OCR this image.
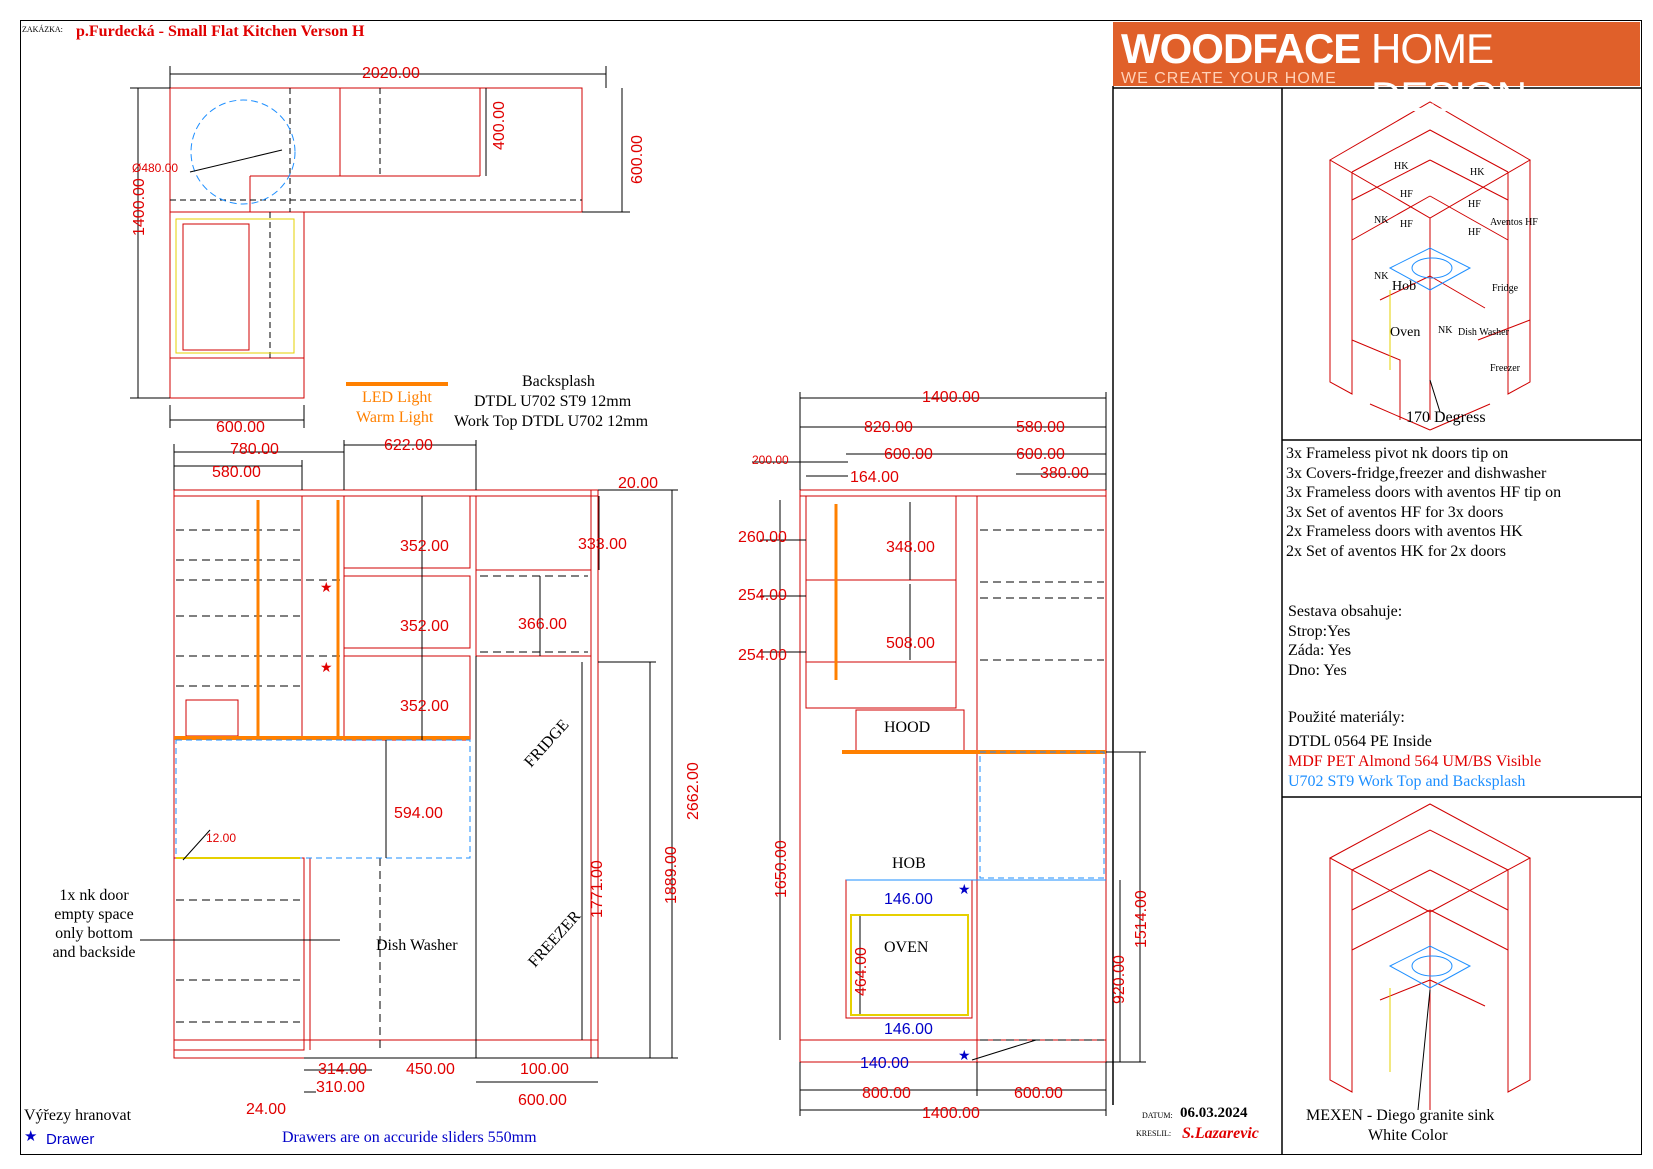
ZAKÁZKA: p.Furdecká - Small Flat Kitchen Verson H	WOODFACE HOME DESIGN
WE CREATE YOUR HOME
2020.00
1400.00
600.00
400.00
Ø480.00
600.00
LED Light
Warm Light
Backsplash
DTDL U702 ST9 12mm
Work Top DTDL U702 12mm
780.00
580.00
622.00
20.00
352.00
352.00
352.00
333.00
366.00
594.00
12.00
1771.00	1889.00
2662.00
314.00 450.00	100.00
310.00
24.00
600.00
FRIDGE
FREEZER
Dish Washer
1x nk door
empty space
only bottom
and backside
★
★
1400.00
820.00	580.00
200.00	600.00	600.00
164.00	380.00
260.00
254.00
254.00
348.00
508.00
HOOD
HOB
OVEN
146.00
146.00
140.00
464.00
1650.00
920.00
1514.00
800.00	600.00
1400.00
★
★
HK
HK
HF
HF
HF
HF
NK
NK
Aventos HF
Hob	Fridge
Oven NK Dish Washer
Freezer
170 Degress
3x Frameless pivot nk doors tip on
3x Covers-fridge,freezer and dishwasher
3x Frameless doors with aventos HF tip on
3x Set of aventos HF for 3x doors
2x Frameless doors with aventos HK
2x Set of aventos HK for 2x doors
Sestava obsahuje:
Strop:Yes
Záda: Yes
Dno: Yes
Použité materiály:
DTDL 0564 PE Inside
MDF PET Almond 564 UM/BS Visible
U702 ST9 Work Top and Backsplash
MEXEN - Diego granite sink
White Color
Výřezy hranovat
★ Drawer	Drawers are on accuride sliders 550mm
DATUM: 06.03.2024
KRESLIL: S.Lazarevic
